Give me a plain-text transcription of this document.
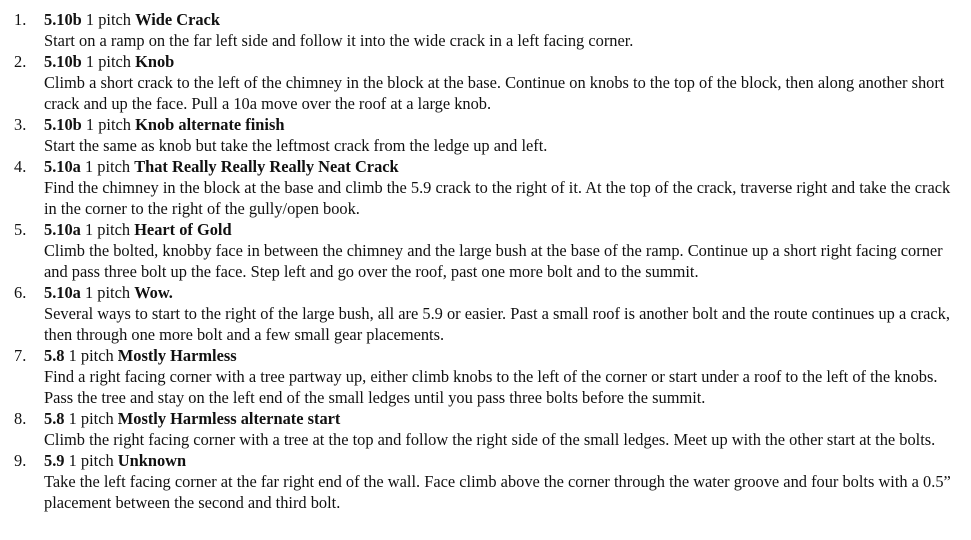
1.	5.10b 1 pitch Wide Crack
Start on a ramp on the far left side and follow it into the wide crack in a left facing corner.
2.	5.10b 1 pitch Knob
Climb a short crack to the left of the chimney in the block at the base. Continue on knobs to the top of the block, then along another short crack and up the face. Pull a 10a move over the roof at a large knob.
3.	5.10b 1 pitch Knob alternate finish
Start the same as knob but take the leftmost crack from the ledge up and left.
4.	5.10a 1 pitch That Really Really Really Neat Crack
Find the chimney in the block at the base and climb the 5.9 crack to the right of it. At the top of the crack, traverse right and take the crack in the corner to the right of the gully/open book.
5.	5.10a 1 pitch Heart of Gold
Climb the bolted, knobby face in between the chimney and the large bush at the base of the ramp. Continue up a short right facing corner and pass three bolt up the face. Step left and go over the roof, past one more bolt and to the summit.
6.	5.10a 1 pitch Wow.
Several ways to start to the right of the large bush, all are 5.9 or easier. Past a small roof is another bolt and the route continues up a crack, then through one more bolt and a few small gear placements.
7.	5.8 1 pitch Mostly Harmless
Find a right facing corner with a tree partway up, either climb knobs to the left of the corner or start under a roof to the left of the knobs. Pass the tree and stay on the left end of the small ledges until you pass three bolts before the summit.
8.	5.8 1 pitch Mostly Harmless alternate start
Climb the right facing corner with a tree at the top and follow the right side of the small ledges. Meet up with the other start at the bolts.
9.	5.9 1 pitch Unknown
Take the left facing corner at the far right end of the wall. Face climb above the corner through the water groove and four bolts with a 0.5” placement between the second and third bolt.
